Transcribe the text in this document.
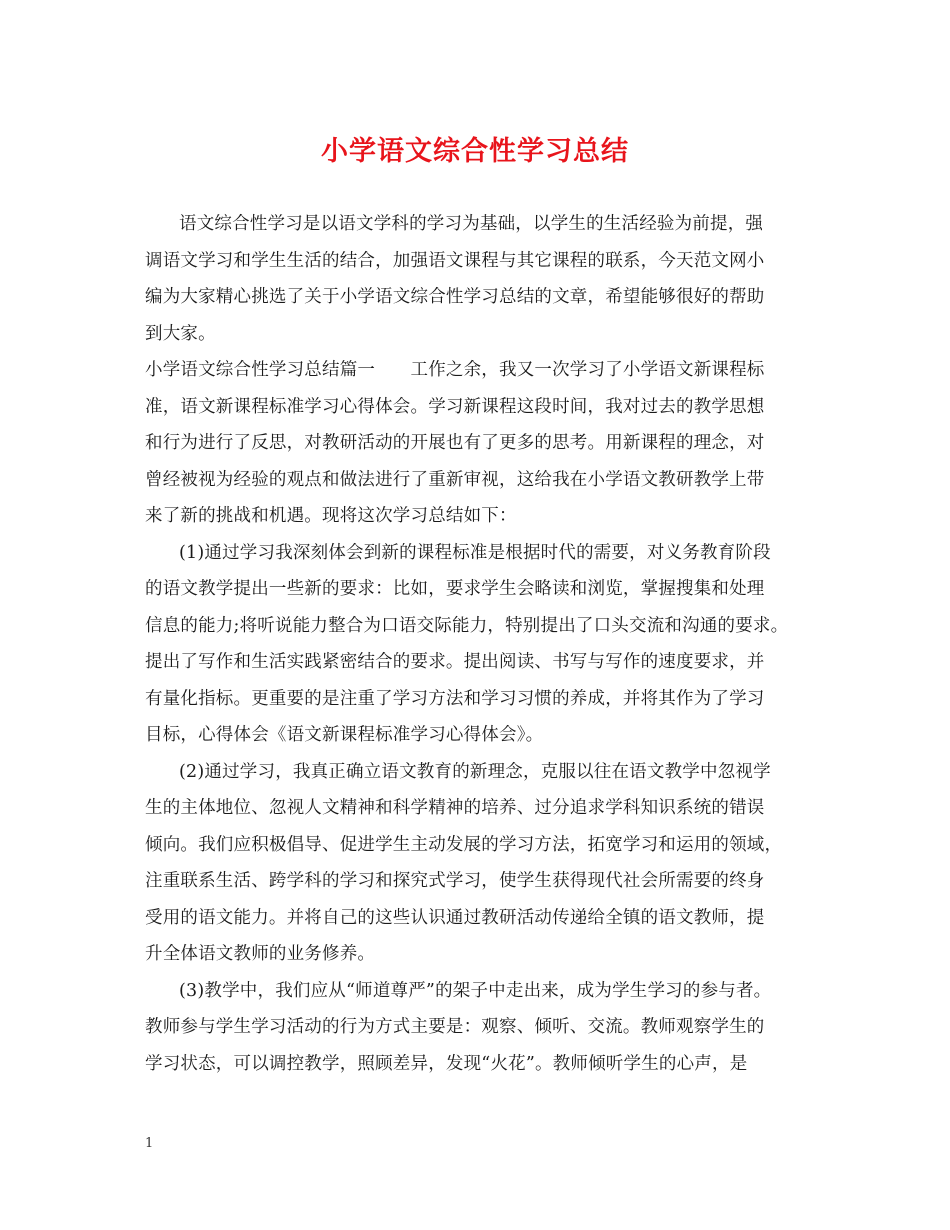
小学语文综合性学习总结
语文综合性学习是以语文学科的学习为基础，以学生的生活经验为前提，强
调语文学习和学生生活的结合，加强语文课程与其它课程的联系，今天范文网小
编为大家精心挑选了关于小学语文综合性学习总结的文章，希望能够很好的帮助
到大家。
小学语文综合性学习总结篇一　　工作之余，我又一次学习了小学语文新课程标
准，语文新课程标准学习心得体会。学习新课程这段时间，我对过去的教学思想
和行为进行了反思，对教研活动的开展也有了更多的思考。用新课程的理念，对
曾经被视为经验的观点和做法进行了重新审视，这给我在小学语文教研教学上带
来了新的挑战和机遇。现将这次学习总结如下：
(1)通过学习我深刻体会到新的课程标准是根据时代的需要，对义务教育阶段
的语文教学提出一些新的要求：比如，要求学生会略读和浏览，掌握搜集和处理
信息的能力;将听说能力整合为口语交际能力，特别提出了口头交流和沟通的要求。
提出了写作和生活实践紧密结合的要求。提出阅读、书写与写作的速度要求，并
有量化指标。更重要的是注重了学习方法和学习习惯的养成，并将其作为了学习
目标，心得体会《语文新课程标准学习心得体会》。
(2)通过学习，我真正确立语文教育的新理念，克服以往在语文教学中忽视学
生的主体地位、忽视人文精神和科学精神的培养、过分追求学科知识系统的错误
倾向。我们应积极倡导、促进学生主动发展的学习方法，拓宽学习和运用的领域，
注重联系生活、跨学科的学习和探究式学习，使学生获得现代社会所需要的终身
受用的语文能力。并将自己的这些认识通过教研活动传递给全镇的语文教师，提
升全体语文教师的业务修养。
(3)教学中，我们应从“师道尊严”的架子中走出来，成为学生学习的参与者。
教师参与学生学习活动的行为方式主要是：观察、倾听、交流。教师观察学生的
学习状态，可以调控教学，照顾差异，发现“火花”。教师倾听学生的心声，是
1
